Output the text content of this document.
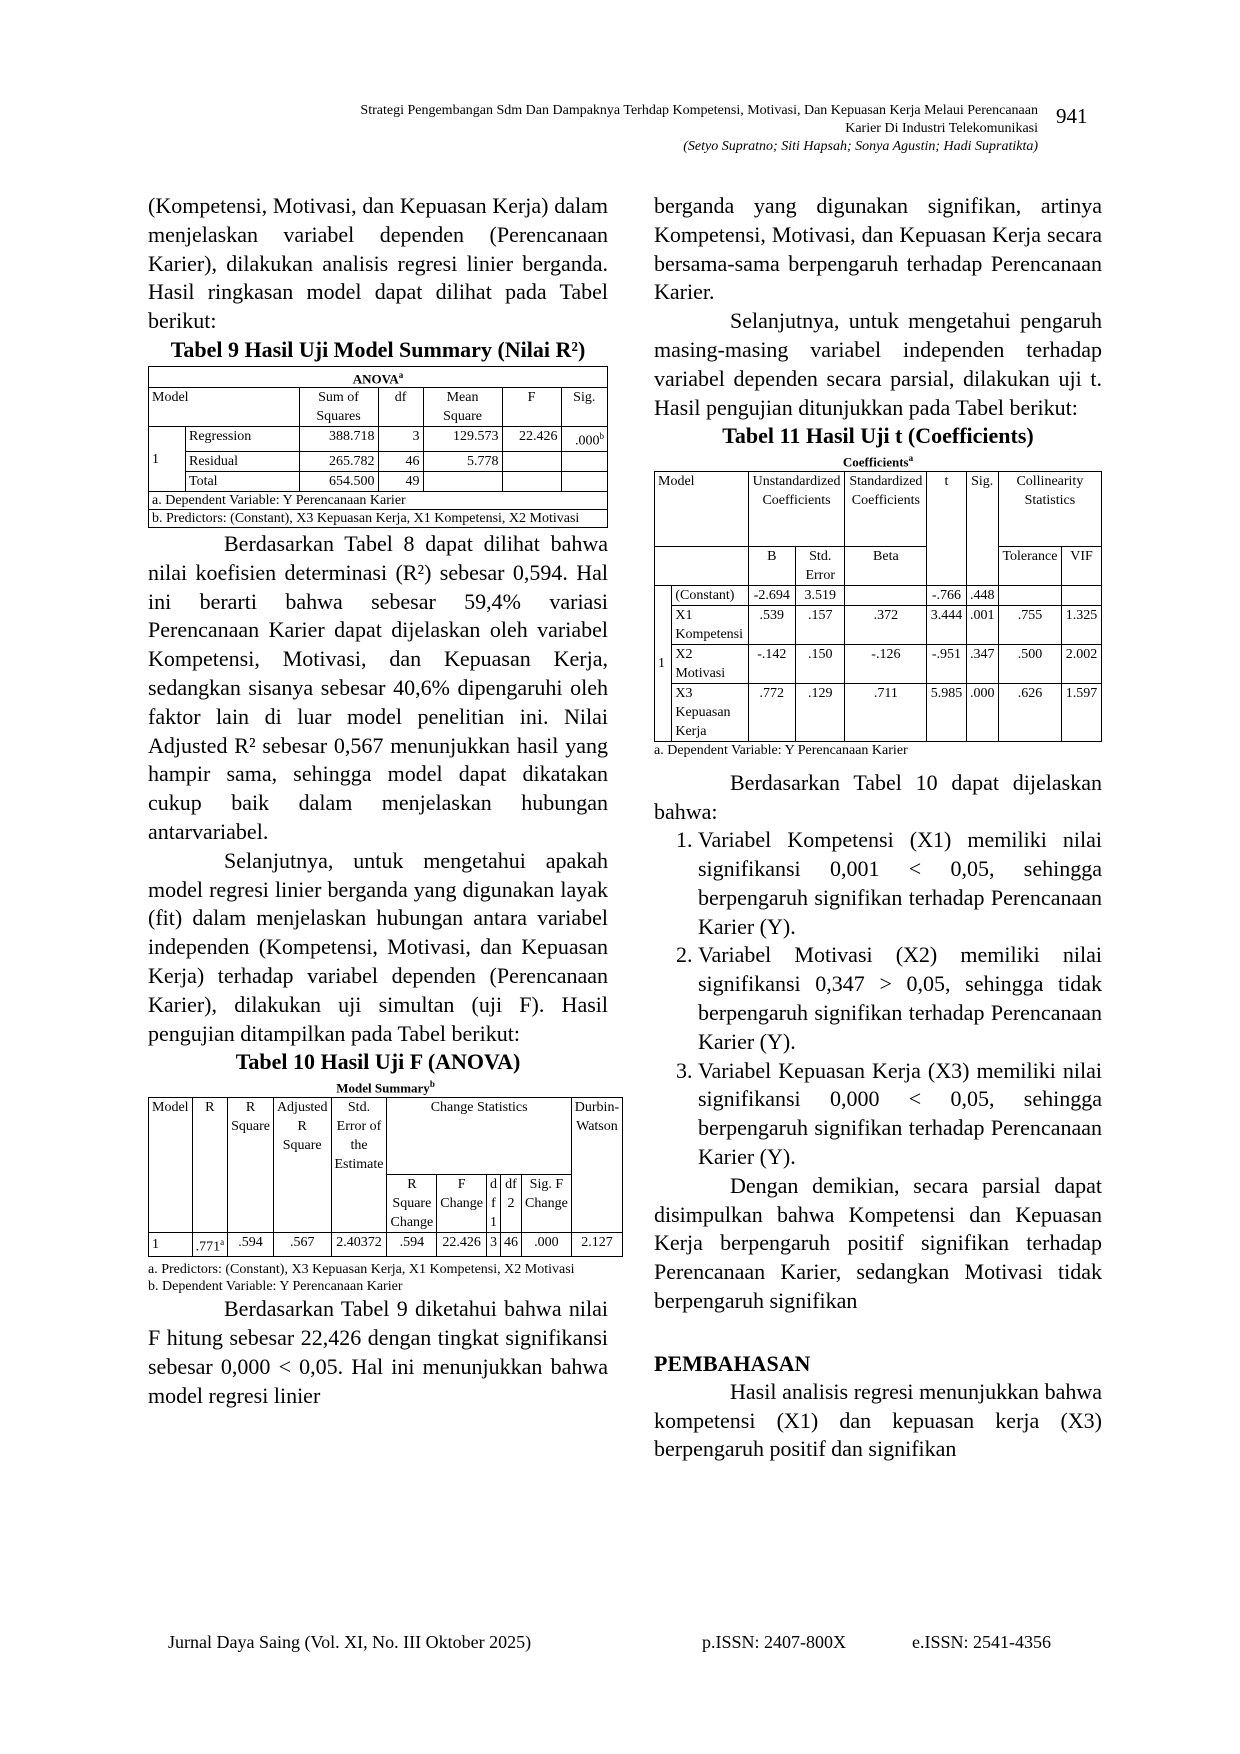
Strategi Pengembangan Sdm Dan Dampaknya Terhdap Kompetensi, Motivasi, Dan Kepuasan Kerja Melaui Perencanaan
Karier Di Industri Telekomunikasi
(Setyo Supratno; Siti Hapsah; Sonya Agustin; Hadi Supratikta)
941

(Kompetensi, Motivasi, dan Kepuasan Kerja) dalam menjelaskan variabel dependen (Perencanaan Karier), dilakukan analisis regresi linier berganda. Hasil ringkasan model dapat dilihat pada Tabel berikut:

Tabel 9 Hasil Uji Model Summary (Nilai R²)

ANOVA$^a$
Model		Sum of Squares	df	Mean Square	F	Sig.
1	Regression	388.718	3	129.573	22.426	.000$^b$
	Residual	265.782	46	5.778		
	Total	654.500	49			
a. Dependent Variable: Y Perencanaan Karier						
b. Predictors: (Constant), X3 Kepuasan Kerja, X1 Kompetensi, X2 Motivasi						

Berdasarkan Tabel 8 dapat dilihat bahwa nilai koefisien determinasi (R²) sebesar 0,594. Hal ini berarti bahwa sebesar 59,4% variasi Perencanaan Karier dapat dijelaskan oleh variabel Kompetensi, Motivasi, dan Kepuasan Kerja, sedangkan sisanya sebesar 40,6% dipengaruhi oleh faktor lain di luar model penelitian ini. Nilai Adjusted R² sebesar 0,567 menunjukkan hasil yang hampir sama, sehingga model dapat dikatakan cukup baik dalam menjelaskan hubungan antarvariabel.

Selanjutnya, untuk mengetahui apakah model regresi linier berganda yang digunakan layak (fit) dalam menjelaskan hubungan antara variabel independen (Kompetensi, Motivasi, dan Kepuasan Kerja) terhadap variabel dependen (Perencanaan Karier), dilakukan uji simultan (uji F). Hasil pengujian ditampilkan pada Tabel berikut:

Tabel 10 Hasil Uji F (ANOVA)

Model Summary$^b$
Model	R	R Square	Adjusted R Square	Std. Error of the Estimate	Change Statistics					Durbin-Watson
					R Square Change	F Change	df1	df2	Sig. F Change	
1	.771$^a$	.594	.567	2.40372	.594	22.426	3	46	.000	2.127
a. Predictors: (Constant), X3 Kepuasan Kerja, X1 Kompetensi, X2 Motivasi
b. Dependent Variable: Y Perencanaan Karier

Berdasarkan Tabel 9 diketahui bahwa nilai F hitung sebesar 22,426 dengan tingkat signifikansi sebesar 0,000 < 0,05. Hal ini menunjukkan bahwa model regresi linier

berganda yang digunakan signifikan, artinya Kompetensi, Motivasi, dan Kepuasan Kerja secara bersama-sama berpengaruh terhadap Perencanaan Karier.

Selanjutnya, untuk mengetahui pengaruh masing-masing variabel independen terhadap variabel dependen secara parsial, dilakukan uji t. Hasil pengujian ditunjukkan pada Tabel berikut:

Tabel 11 Hasil Uji t (Coefficients)

Coefficients$^a$
Model		Unstandardized Coefficients		Standardized Coefficients	t	Sig.	Collinearity Statistics	
		B	Std. Error	Beta			Tolerance	VIF
1	(Constant)	-2.694	3.519		-.766	.448		
	X1 Kompetensi	.539	.157	.372	3.444	.001	.755	1.325
	X2 Motivasi	-.142	.150	-.126	-.951	.347	.500	2.002
	X3 Kepuasan Kerja	.772	.129	.711	5.985	.000	.626	1.597
a. Dependent Variable: Y Perencanaan Karier

Berdasarkan Tabel 10 dapat dijelaskan bahwa:

1. Variabel Kompetensi (X1) memiliki nilai signifikansi 0,001 < 0,05, sehingga berpengaruh signifikan terhadap Perencanaan Karier (Y).
2. Variabel Motivasi (X2) memiliki nilai signifikansi 0,347 > 0,05, sehingga tidak berpengaruh signifikan terhadap Perencanaan Karier (Y).
3. Variabel Kepuasan Kerja (X3) memiliki nilai signifikansi 0,000 < 0,05, sehingga berpengaruh signifikan terhadap Perencanaan Karier (Y).

Dengan demikian, secara parsial dapat disimpulkan bahwa Kompetensi dan Kepuasan Kerja berpengaruh positif signifikan terhadap Perencanaan Karier, sedangkan Motivasi tidak berpengaruh signifikan

PEMBAHASAN

Hasil analisis regresi menunjukkan bahwa kompetensi (X1) dan kepuasan kerja (X3) berpengaruh positif dan signifikan

Jurnal Daya Saing (Vol. XI, No. III Oktober 2025)	p.ISSN: 2407-800X	e.ISSN: 2541-4356
